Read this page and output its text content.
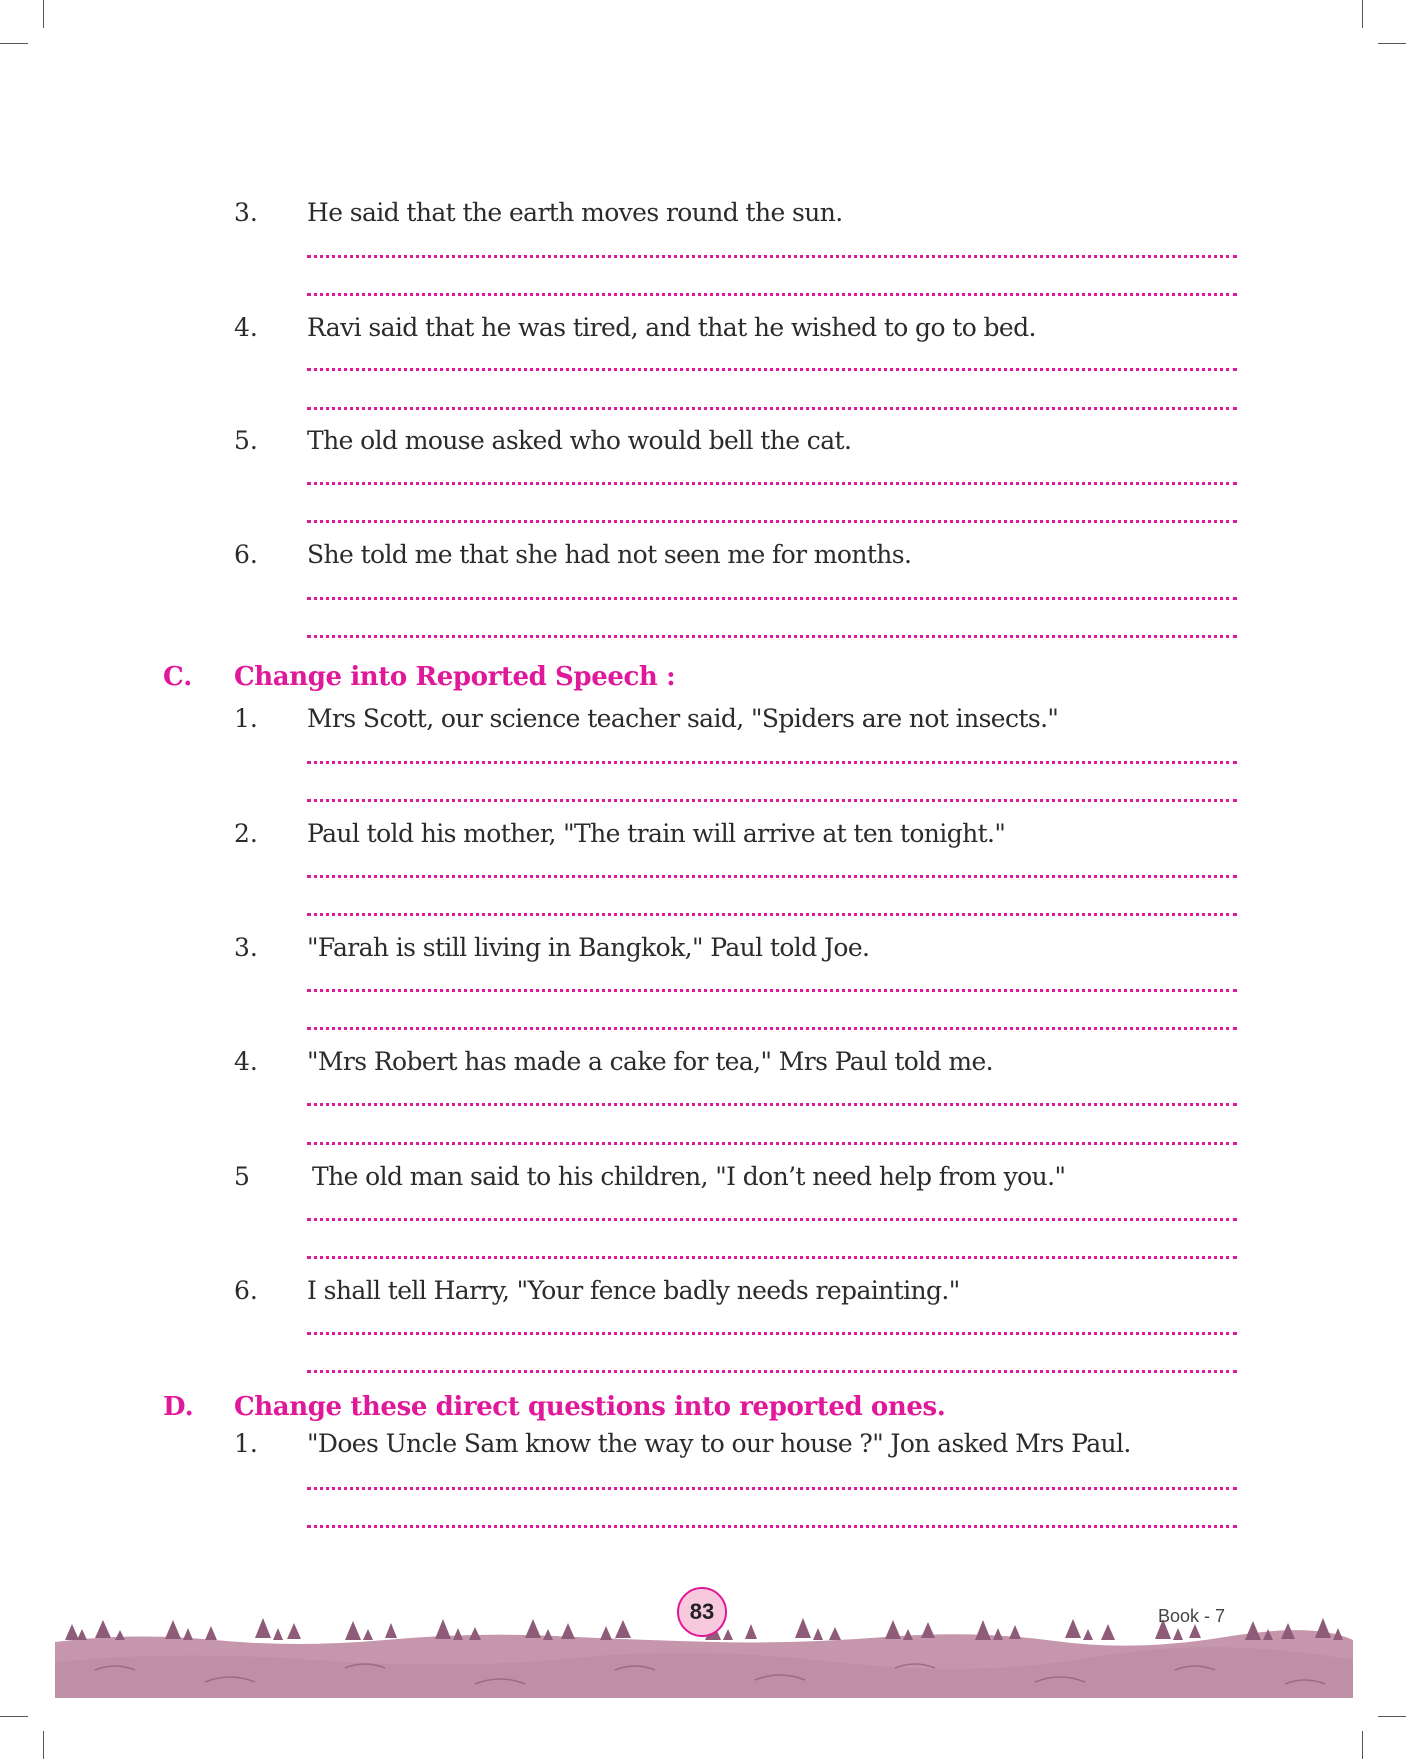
3. He said that the earth moves round the sun.
4. Ravi said that he was tired, and that he wished to go to bed.
5. The old mouse asked who would bell the cat.
6. She told me that she had not seen me for months.
C. Change into Reported Speech :
1. Mrs Scott, our science teacher said, "Spiders are not insects."
2. Paul told his mother, "The train will arrive at ten tonight."
3. "Farah is still living in Bangkok," Paul told Joe.
4. "Mrs Robert has made a cake for tea," Mrs Paul told me.
5 The old man said to his children, "I don’t need help from you."
6. I shall tell Harry, "Your fence badly needs repainting."
D. Change these direct questions into reported ones.
1. "Does Uncle Sam know the way to our house ?" Jon asked Mrs Paul.
83	Book - 7
